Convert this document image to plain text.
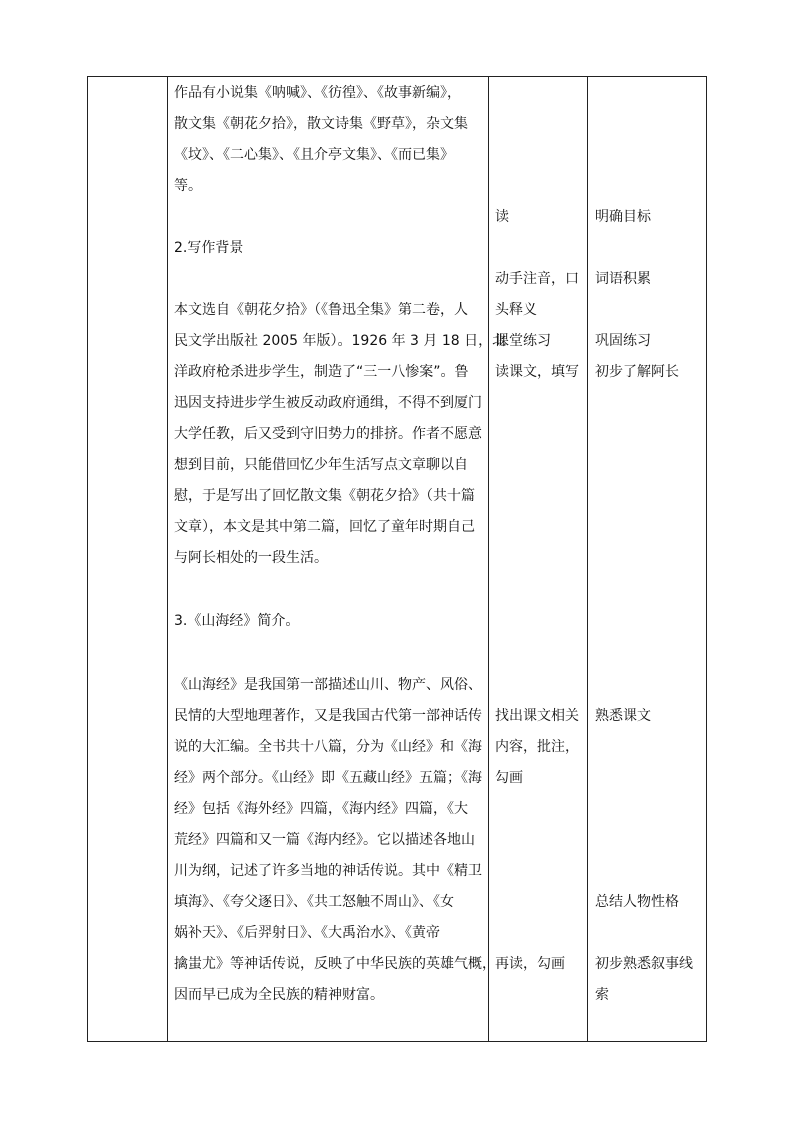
作品有小说集《呐喊》、《彷徨》、《故事新编》，
散文集《朝花夕拾》，散文诗集《野草》，杂文集
《坟》、《二心集》、《且介亭文集》、《而已集》
等。
2.写作背景
本文选自《朝花夕拾》（《鲁迅全集》第二卷，人
民文学出版社 2005 年版）。1926 年 3 月 18 日，北
洋政府枪杀进步学生，制造了“三一八惨案”。鲁
迅因支持进步学生被反动政府通缉，不得不到厦门
大学任教，后又受到守旧势力的排挤。作者不愿意
想到目前，只能借回忆少年生活写点文章聊以自
慰，于是写出了回忆散文集《朝花夕拾》（共十篇
文章），本文是其中第二篇，回忆了童年时期自己
与阿长相处的一段生活。
3.《山海经》简介。
《山海经》是我国第一部描述山川、物产、风俗、
民情的大型地理著作，又是我国古代第一部神话传
说的大汇编。全书共十八篇，分为《山经》和《海
经》两个部分。《山经》即《五藏山经》五篇；《海
经》包括《海外经》四篇，《海内经》四篇，《大
荒经》四篇和又一篇《海内经》。它以描述各地山
川为纲，记述了许多当地的神话传说。其中《精卫
填海》、《夸父逐日》、《共工怒触不周山》、《女
娲补天》、《后羿射日》、《大禹治水》、《黄帝
擒蚩尤》等神话传说，反映了中华民族的英雄气概，
因而早已成为全民族的精神财富。
读
动手注音，口
头释义
课堂练习
读课文，填写
找出课文相关
内容，批注，
勾画
再读，勾画
明确目标
词语积累
巩固练习
初步了解阿长
熟悉课文
总结人物性格
初步熟悉叙事线
索
